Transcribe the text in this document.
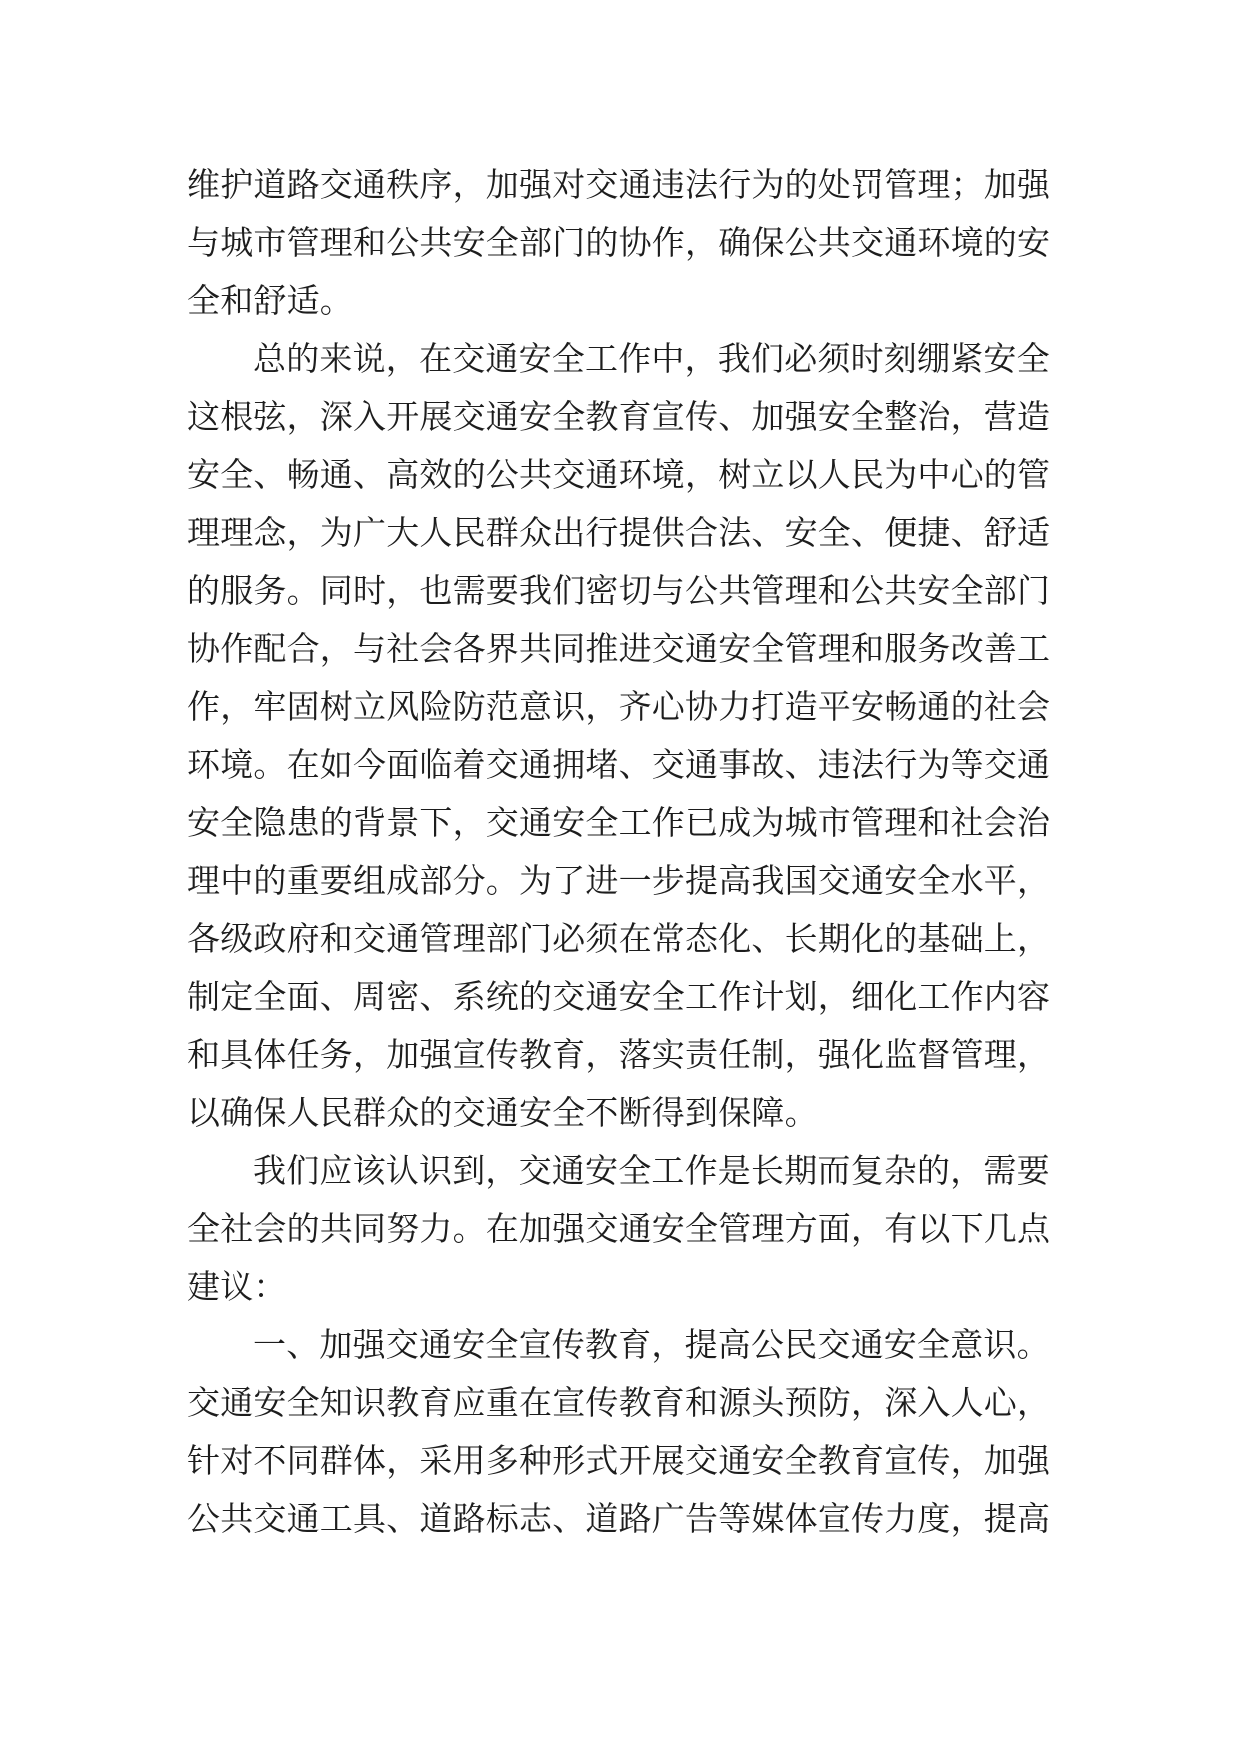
维护道路交通秩序，加强对交通违法行为的处罚管理；加强
与城市管理和公共安全部门的协作，确保公共交通环境的安
全和舒适。
总的来说，在交通安全工作中，我们必须时刻绷紧安全
这根弦，深入开展交通安全教育宣传、加强安全整治，营造
安全、畅通、高效的公共交通环境，树立以人民为中心的管
理理念，为广大人民群众出行提供合法、安全、便捷、舒适
的服务。同时，也需要我们密切与公共管理和公共安全部门
协作配合，与社会各界共同推进交通安全管理和服务改善工
作，牢固树立风险防范意识，齐心协力打造平安畅通的社会
环境。在如今面临着交通拥堵、交通事故、违法行为等交通
安全隐患的背景下，交通安全工作已成为城市管理和社会治
理中的重要组成部分。为了进一步提高我国交通安全水平，
各级政府和交通管理部门必须在常态化、长期化的基础上，
制定全面、周密、系统的交通安全工作计划，细化工作内容
和具体任务，加强宣传教育，落实责任制，强化监督管理，
以确保人民群众的交通安全不断得到保障。
我们应该认识到，交通安全工作是长期而复杂的，需要
全社会的共同努力。在加强交通安全管理方面，有以下几点
建议：
一、加强交通安全宣传教育，提高公民交通安全意识。
交通安全知识教育应重在宣传教育和源头预防，深入人心，
针对不同群体，采用多种形式开展交通安全教育宣传，加强
公共交通工具、道路标志、道路广告等媒体宣传力度，提高
